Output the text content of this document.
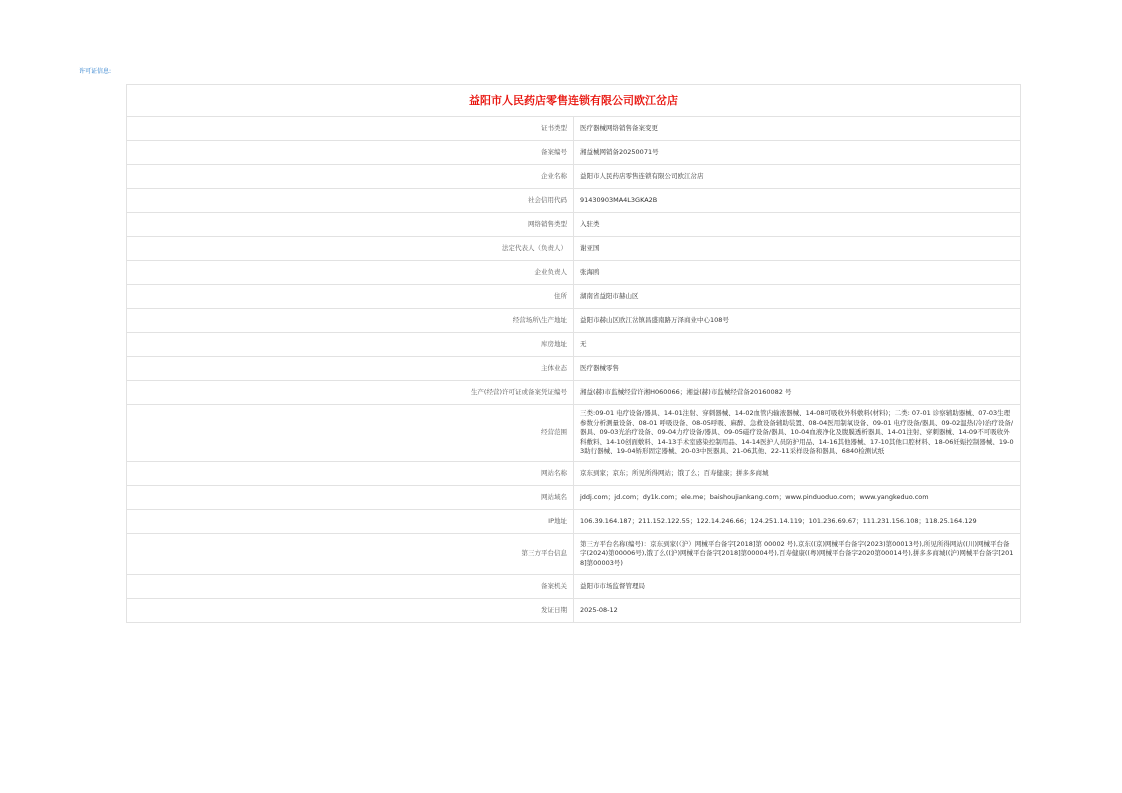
许可证信息:
益阳市人民药店零售连锁有限公司欧江岔店	
证书类型	医疗器械网络销售备案变更
备案编号	湘益械网销备20250071号
企业名称	益阳市人民药店零售连锁有限公司欧江岔店
社会信用代码	91430903MA4L3GKA2B
网络销售类型	入驻类
法定代表人（负责人）	谢亚国
企业负责人	张海鸥
住所	湖南省益阳市赫山区
经营场所\生产地址	益阳市赫山区欧江岔镇昌盛南路万泽商业中心108号
库房地址	无
主体业态	医疗器械零售
生产(经营)许可证或备案凭证编号	湘益(赫)市监械经营许湘H060066；湘益(赫)市监械经营备20160082 号
经营范围	三类:09-01 电疗设备/器具、14-01注射、穿刺器械、14-02血管内输液器械、14-08可吸收外科敷料(材料)；二类: 07-01 诊察辅助器械、07-03生理参数分析测量设备、08-01 呼吸设备、08-05呼吸、麻醉、急救设备辅助装置、08-04医用制氧设备、09-01 电疗设备/器具、09-02温热(冷)治疗设备/器具、09-03光治疗设备、09-04力疗设备/器具、09-05磁疗设备/器具、10-04血液净化及腹膜透析器具、14-01注射、穿刺器械、14-09不可吸收外科敷料、14-10创面敷料、14-13手术室感染控制用品、14-14医护人员防护用品、14-16其他器械、17-10其他口腔材料、18-06妊娠控制器械、19-03助行器械、19-04矫形固定器械、20-03中医器具、21-06其他、22-11采样设备和器具、6840检测试纸
网站名称	京东到家；京东；所见所得网站；饿了么；百寿健康；拼多多商城
网站域名	jddj.com；jd.com；dy1k.com；ele.me；baishoujiankang.com；www.pinduoduo.com；www.yangkeduo.com
IP地址	106.39.164.187；211.152.122.55；122.14.246.66；124.251.14.119；101.236.69.67；111.231.156.108；118.25.164.129
第三方平台信息	第三方平台名称(编号)：京东到家(（沪）网械平台备字[2018]第 00002 号),京东((京)网械平台备字(2023)第00013号),所见所得网站((川)网械平台备字(2024)第00006号),饿了么((沪)网械平台备字[2018]第00004号),百寿健康((粤)网械平台备字2020第00014号),拼多多商城((沪)网械平台备字[2018]第00003号)
备案机关	益阳市市场监督管理局
发证日期	2025-08-12
